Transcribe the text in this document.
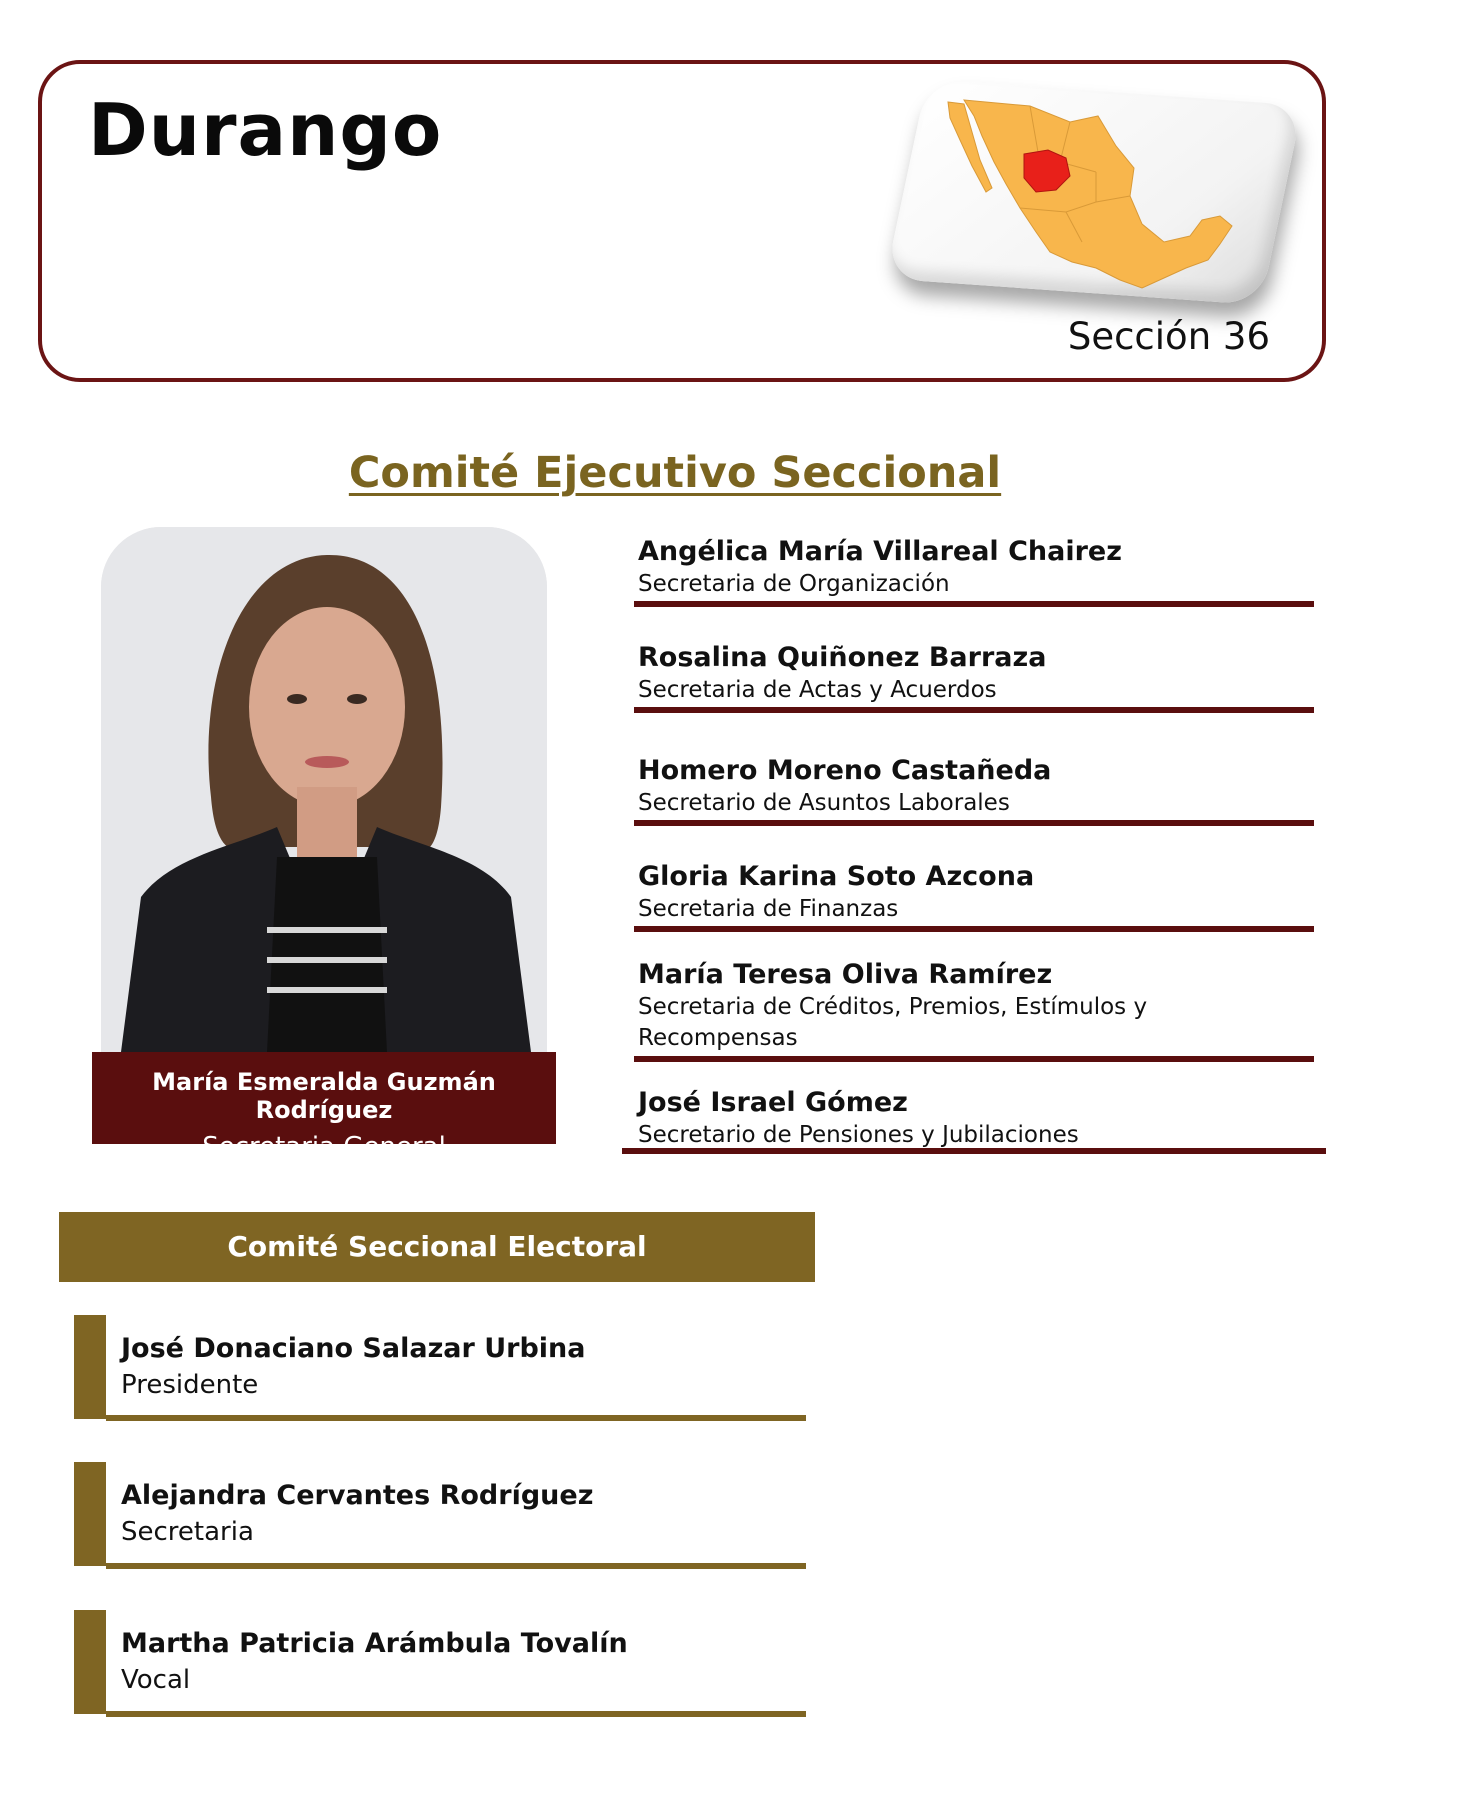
Durango
Sección 36
Comité Ejecutivo Seccional
María Esmeralda Guzmán Rodríguez
Secretaria General
Angélica María Villareal Chairez
Secretaria de Organización
Rosalina Quiñonez Barraza
Secretaria de Actas y Acuerdos
Homero Moreno Castañeda
Secretario de Asuntos Laborales
Gloria Karina Soto Azcona
Secretaria de Finanzas
María Teresa Oliva Ramírez
Secretaria de Créditos, Premios, Estímulos y Recompensas
José Israel Gómez
Secretario de Pensiones y Jubilaciones
Comité Seccional Electoral
José Donaciano Salazar Urbina
Presidente
Alejandra Cervantes Rodríguez
Secretaria
Martha Patricia Arámbula Tovalín
Vocal
